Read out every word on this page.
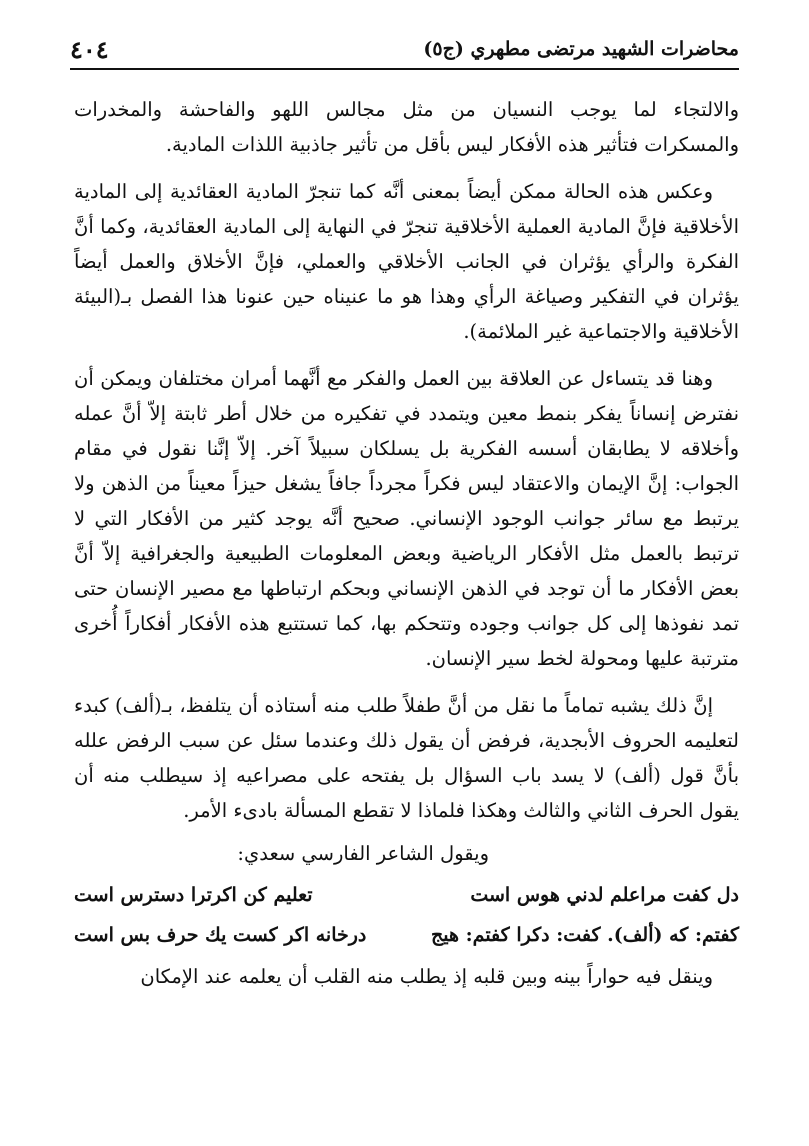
محاضرات الشهيد مرتضى مطهري (ج٥)
٤٠٤

والالتجاء لما يوجب النسيان من مثل مجالس اللهو والفاحشة والمخدرات والمسكرات فتأثير هذه الأفكار ليس بأقل من تأثير جاذبية اللذات المادية.

وعكس هذه الحالة ممكن أيضاً بمعنى أنَّه كما تنجرّ المادية العقائدية إلى المادية الأخلاقية فإنَّ المادية العملية الأخلاقية تنجرّ في النهاية إلى المادية العقائدية، وكما أنَّ الفكرة والرأي يؤثران في الجانب الأخلاقي والعملي، فإنَّ الأخلاق والعمل أيضاً يؤثران في التفكير وصياغة الرأي وهذا هو ما عنيناه حين عنونا هذا الفصل بـ(البيئة الأخلاقية والاجتماعية غير الملائمة).

وهنا قد يتساءل عن العلاقة بين العمل والفكر مع أنَّهما أمران مختلفان ويمكن أن نفترض إنساناً يفكر بنمط معين ويتمدد في تفكيره من خلال أطر ثابتة إلاّ أنَّ عمله وأخلاقه لا يطابقان أسسه الفكرية بل يسلكان سبيلاً آخر. إلاّ إنَّنا نقول في مقام الجواب: إنَّ الإيمان والاعتقاد ليس فكراً مجرداً جافاً يشغل حيزاً معيناً من الذهن ولا يرتبط مع سائر جوانب الوجود الإنساني. صحيح أنَّه يوجد كثير من الأفكار التي لا ترتبط بالعمل مثل الأفكار الرياضية وبعض المعلومات الطبيعية والجغرافية إلاّ أنَّ بعض الأفكار ما أن توجد في الذهن الإنساني وبحكم ارتباطها مع مصير الإنسان حتى تمد نفوذها إلى كل جوانب وجوده وتتحكم بها، كما تستتبع هذه الأفكار أفكاراً أُخرى مترتبة عليها ومحولة لخط سير الإنسان.

إنَّ ذلك يشبه تماماً ما نقل من أنَّ طفلاً طلب منه أستاذه أن يتلفظ، بـ(ألف) كبدء لتعليمه الحروف الأبجدية، فرفض أن يقول ذلك وعندما سئل عن سبب الرفض علله بأنَّ قول (ألف) لا يسد باب السؤال بل يفتحه على مصراعيه إذ سيطلب منه أن يقول الحرف الثاني والثالث وهكذا فلماذا لا تقطع المسألة بادىء الأمر.

ويقول الشاعر الفارسي سعدي:

دل كفت مراعلم لدني هوس است
تعليم كن اكرترا دسترس است
كفتم: كه (ألف). كفت: دكرا كفتم: هيج
درخانه اكر كست يك حرف بس است

وينقل فيه حواراً بينه وبين قلبه إذ يطلب منه القلب أن يعلمه عند الإمكان
